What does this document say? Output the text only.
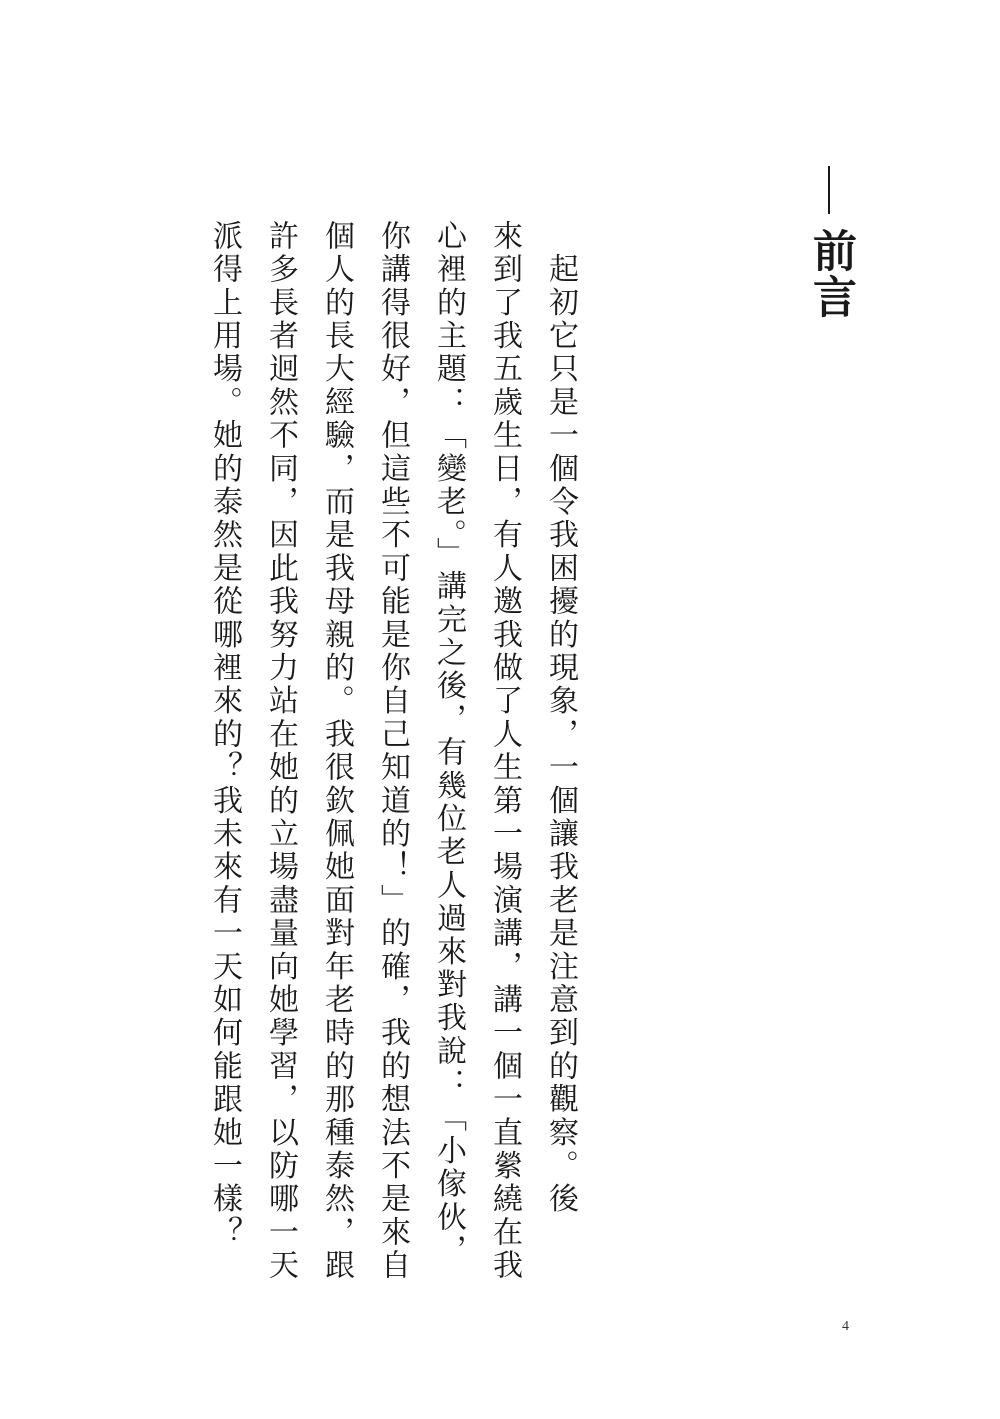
前言
　起初它只是一個令我困擾的現象，一個讓我老是注意到的觀察。後
來到了我五歲生日，有人邀我做了人生第一場演講，講一個一直縈繞在我
心裡的主題：「變老。」講完之後，有幾位老人過來對我說：「小傢伙，
你講得很好，但這些不可能是你自己知道的！」的確，我的想法不是來自
個人的長大經驗，而是我母親的。我很欽佩她面對年老時的那種泰然，跟
許多長者迥然不同，因此我努力站在她的立場盡量向她學習，以防哪一天
派得上用場。她的泰然是從哪裡來的？我未來有一天如何能跟她一樣？
4
